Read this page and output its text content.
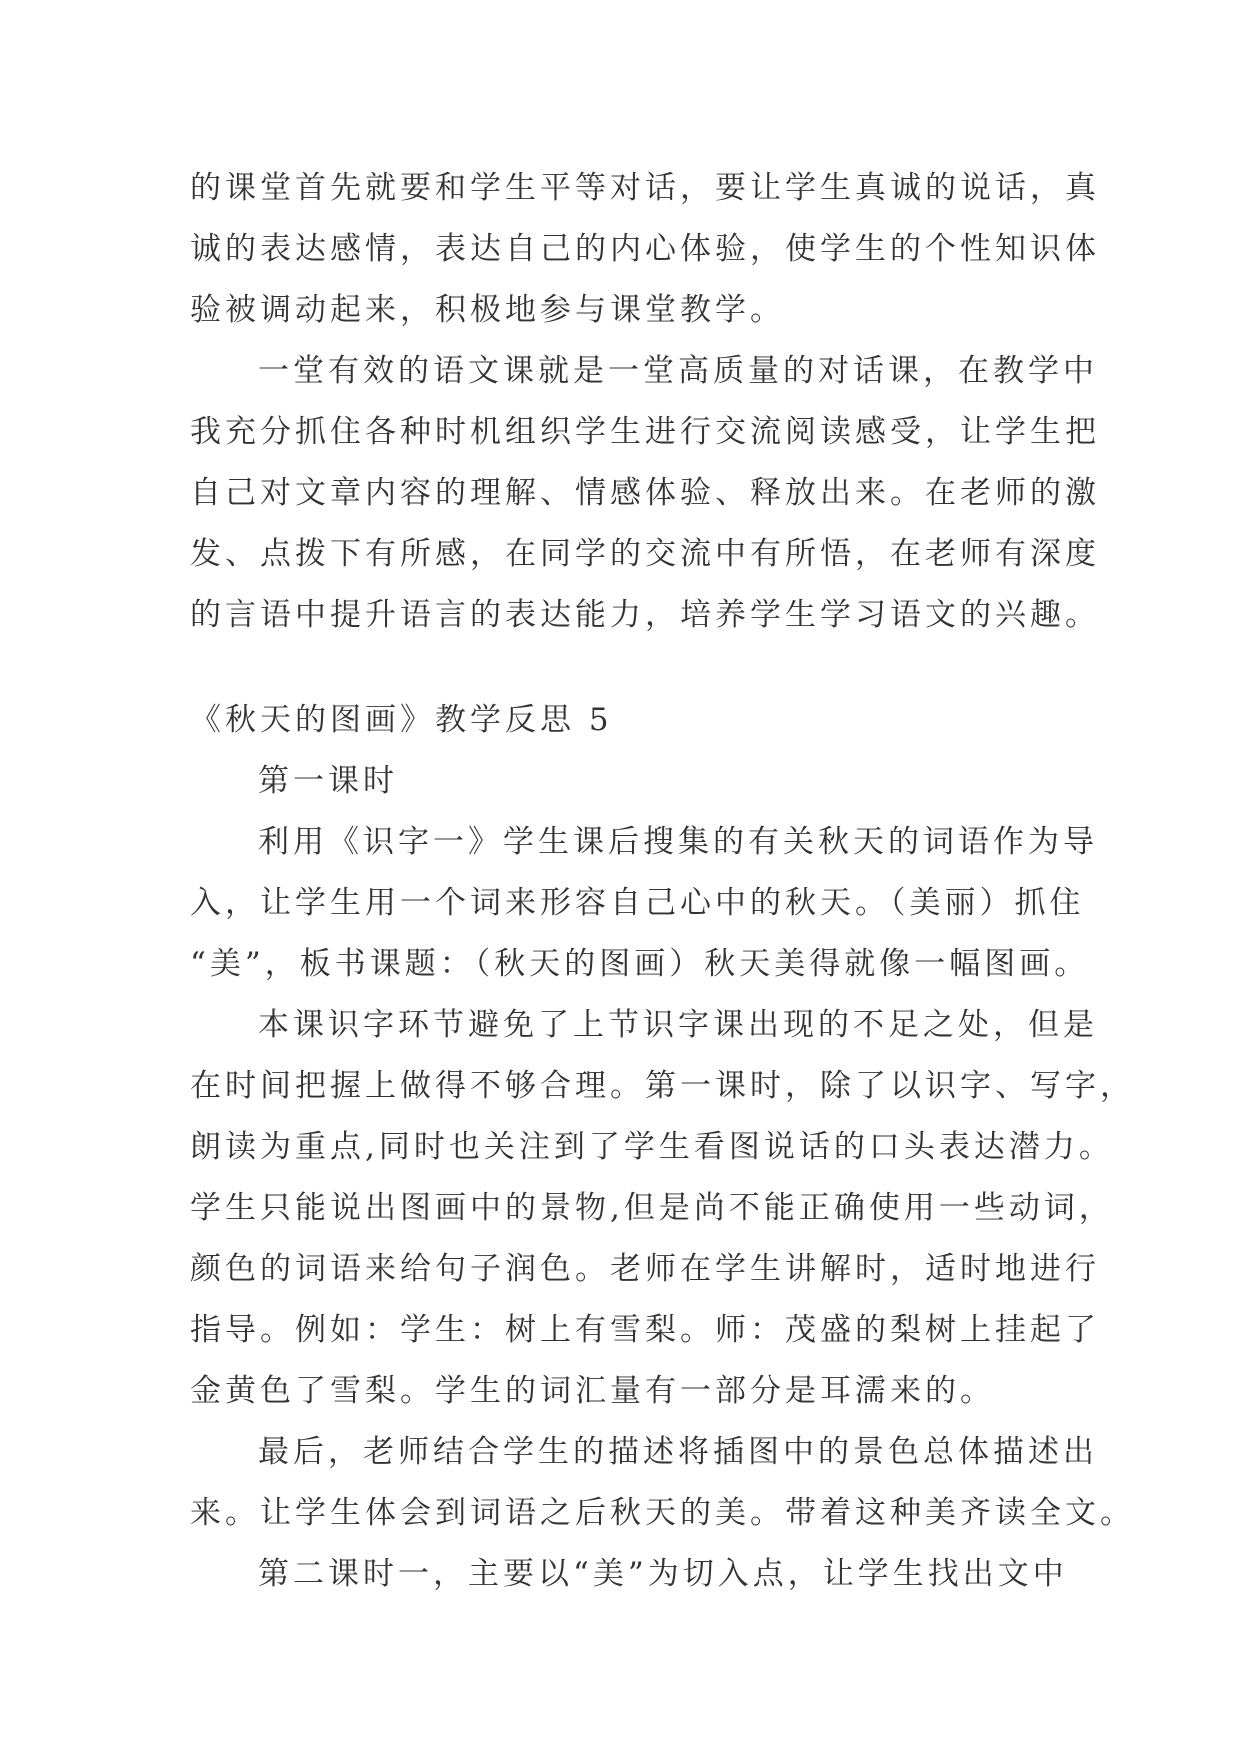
的课堂首先就要和学生平等对话，要让学生真诚的说话，真
诚的表达感情，表达自己的内心体验，使学生的个性知识体
验被调动起来，积极地参与课堂教学。
一堂有效的语文课就是一堂高质量的对话课，在教学中
我充分抓住各种时机组织学生进行交流阅读感受，让学生把
自己对文章内容的理解、情感体验、释放出来。在老师的激
发、点拨下有所感，在同学的交流中有所悟，在老师有深度
的言语中提升语言的表达能力，培养学生学习语文的兴趣。
《秋天的图画》教学反思 5
第一课时
利用《识字一》学生课后搜集的有关秋天的词语作为导
入，让学生用一个词来形容自己心中的秋天。（美丽）抓住
“美”，板书课题：（秋天的图画）秋天美得就像一幅图画。
本课识字环节避免了上节识字课出现的不足之处，但是
在时间把握上做得不够合理。第一课时，除了以识字、写字，
朗读为重点,同时也关注到了学生看图说话的口头表达潜力。
学生只能说出图画中的景物,但是尚不能正确使用一些动词，
颜色的词语来给句子润色。老师在学生讲解时，适时地进行
指导。例如：学生：树上有雪梨。师：茂盛的梨树上挂起了
金黄色了雪梨。学生的词汇量有一部分是耳濡来的。
最后，老师结合学生的描述将插图中的景色总体描述出
来。让学生体会到词语之后秋天的美。带着这种美齐读全文。
第二课时一，主要以“美”为切入点，让学生找出文中
